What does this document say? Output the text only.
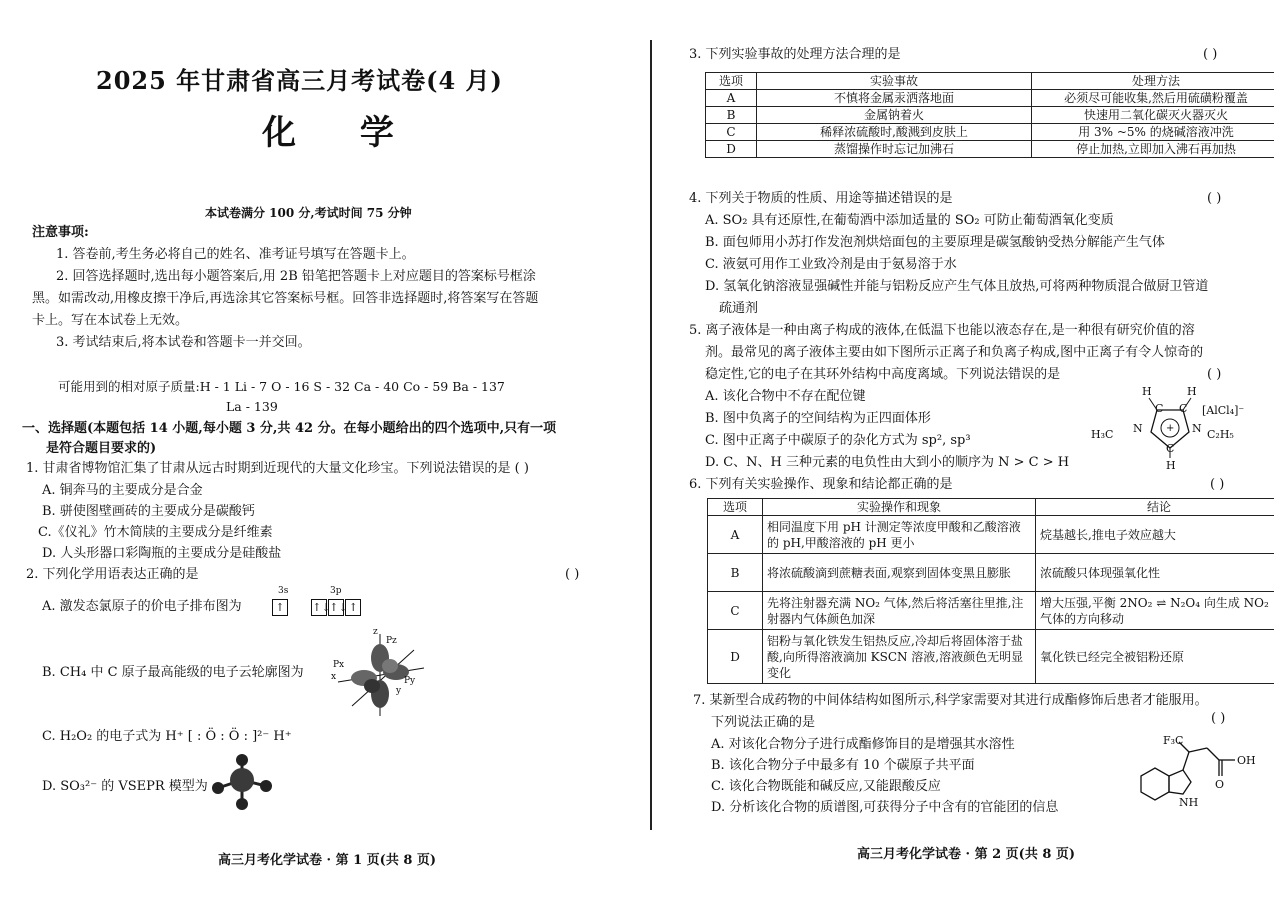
2025 年甘肃省高三月考试卷(4 月)
化 学
本试卷满分 100 分,考试时间 75 分钟
注意事项:
1. 答卷前,考生务必将自己的姓名、准考证号填写在答题卡上。
2. 回答选择题时,选出每小题答案后,用 2B 铅笔把答题卡上对应题目的答案标号框涂
黑。如需改动,用橡皮擦干净后,再选涂其它答案标号框。回答非选择题时,将答案写在答题
卡上。写在本试卷上无效。
3. 考试结束后,将本试卷和答题卡一并交回。
可能用到的相对原子质量:H - 1 Li - 7 O - 16 S - 32 Ca - 40 Co - 59 Ba - 137
La - 139
一、选择题(本题包括 14 小题,每小题 3 分,共 42 分。在每小题给出的四个选项中,只有一项
是符合题目要求的)
1. 甘肃省博物馆汇集了甘肃从远古时期到近现代的大量文化珍宝。下列说法错误的是 ( )
A. 铜奔马的主要成分是合金
B. 骈使图壁画砖的主要成分是碳酸钙
C.《仪礼》竹木简牍的主要成分是纤维素
D. 人头形器口彩陶瓶的主要成分是硅酸盐
2. 下列化学用语表达正确的是	( )
A. 激发态氯原子的价电子排布图为
3s	3p
↑	↑↓↑↓↑
B. CH₄ 中 C 原子最高能级的电子云轮廓图为
z
Pz
Px
x
y
Py
C. H₂O₂ 的电子式为 H⁺ [ : Ö : Ö : ]²⁻ H⁺
D. SO₃²⁻ 的 VSEPR 模型为
高三月考化学试卷 · 第 1 页(共 8 页)
3. 下列实验事故的处理方法合理的是	( )
选项	实验事故	处理方法
A	不慎将金属汞洒落地面	必须尽可能收集,然后用硫磺粉覆盖
B	金属钠着火	快速用二氧化碳灭火器灭火
C	稀释浓硫酸时,酸溅到皮肤上	用 3% ~5% 的烧碱溶液冲洗
D	蒸馏操作时忘记加沸石	停止加热,立即加入沸石再加热
4. 下列关于物质的性质、用途等描述错误的是	( )
A. SO₂ 具有还原性,在葡萄酒中添加适量的 SO₂ 可防止葡萄酒氧化变质
B. 面包师用小苏打作发泡剂烘焙面包的主要原理是碳氢酸钠受热分解能产生气体
C. 液氨可用作工业致冷剂是由于氨易溶于水
D. 氢氧化钠溶液显强碱性并能与铝粉反应产生气体且放热,可将两种物质混合做厨卫管道
疏通剂
5. 离子液体是一种由离子构成的液体,在低温下也能以液态存在,是一种很有研究价值的溶
剂。最常见的离子液体主要由如下图所示正离子和负离子构成,图中正离子有令人惊奇的
稳定性,它的电子在其环外结构中高度离域。下列说法错误的是	( )
A. 该化合物中不存在配位键
B. 图中负离子的空间结构为正四面体形
C. 图中正离子中碳原子的杂化方式为 sp², sp³
D. C、N、H 三种元素的电负性由大到小的顺序为 N > C > H
H
C C
H
H₃C N + N C₂H₅
C
H
[AlCl₄]⁻
6. 下列有关实验操作、现象和结论都正确的是	( )
选项	实验操作和现象	结论
A	相同温度下用 pH 计测定等浓度甲酸和乙酸溶液的 pH,甲酸溶液的 pH 更小	烷基越长,推电子效应越大
B	将浓硫酸滴到蔗糖表面,观察到固体变黑且膨胀	浓硫酸只体现强氧化性
C	先将注射器充满 NO₂ 气体,然后将活塞往里推,注射器内气体颜色加深	增大压强,平衡 2NO₂ ⇌ N₂O₄ 向生成 NO₂ 气体的方向移动
D	铝粉与氧化铁发生铝热反应,冷却后将固体溶于盐酸,向所得溶液滴加 KSCN 溶液,溶液颜色无明显变化	氧化铁已经完全被铝粉还原
7. 某新型合成药物的中间体结构如图所示,科学家需要对其进行成酯修饰后患者才能服用。
下列说法正确的是	( )
A. 对该化合物分子进行成酯修饰目的是增强其水溶性
B. 该化合物分子中最多有 10 个碳原子共平面
C. 该化合物既能和碱反应,又能跟酸反应
D. 分析该化合物的质谱图,可获得分子中含有的官能团的信息
F₃C
OH
O
NH
高三月考化学试卷 · 第 2 页(共 8 页)
